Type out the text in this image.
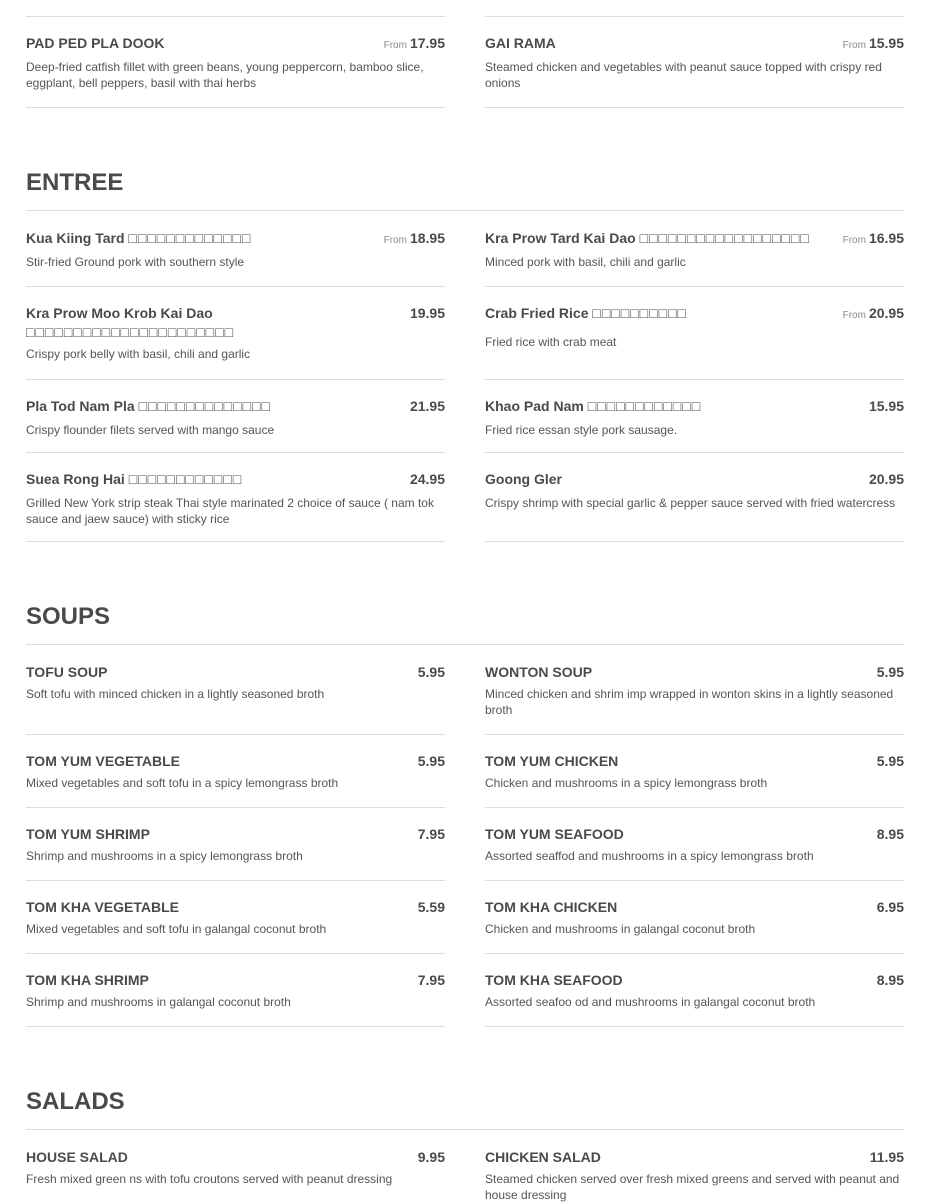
PAD PED PLA DOOK	From 17.95
Deep-fried catfish fillet with green beans, young peppercorn, bamboo slice, eggplant, bell peppers, basil with thai herbs
GAI RAMA	From 15.95
Steamed chicken and vegetables with peanut sauce topped with crispy red onions
ENTREE
Kua Kiing Tard □□□□□□□□□□□□□	From 18.95
Stir-fried Ground pork with southern style
Kra Prow Tard Kai Dao □□□□□□□□□□□□□□□□□□	From 16.95
Minced pork with basil, chili and garlic
Kra Prow Moo Krob Kai Dao □□□□□□□□□□□□□□□□□□□□□□
19.95
Crispy pork belly with basil, chili and garlic
Crab Fried Rice □□□□□□□□□□	From 20.95
Fried rice with crab meat
Pla Tod Nam Pla □□□□□□□□□□□□□□	21.95
Crispy flounder filets served with mango sauce
Khao Pad Nam □□□□□□□□□□□□	15.95
Fried rice essan style pork sausage.
Suea Rong Hai □□□□□□□□□□□□	24.95
Grilled New York strip steak Thai style marinated 2 choice of sauce ( nam tok sauce and jaew sauce) with sticky rice
Goong Gler	20.95
Crispy shrimp with special garlic & pepper sauce served with fried watercress
SOUPS
TOFU SOUP	5.95
Soft tofu with minced chicken in a lightly seasoned broth
WONTON SOUP	5.95
Minced chicken and shrim imp wrapped in wonton skins in a lightly seasoned broth
TOM YUM VEGETABLE	5.95
Mixed vegetables and soft tofu in a spicy lemongrass broth
TOM YUM CHICKEN	5.95
Chicken and mushrooms in a spicy lemongrass broth
TOM YUM SHRIMP	7.95
Shrimp and mushrooms in a spicy lemongrass broth
TOM YUM SEAFOOD	8.95
Assorted seaffod and mushrooms in a spicy lemongrass broth
TOM KHA VEGETABLE	5.59
Mixed vegetables and soft tofu in galangal coconut broth
TOM KHA CHICKEN	6.95
Chicken and mushrooms in galangal coconut broth
TOM KHA SHRIMP	7.95
Shrimp and mushrooms in galangal coconut broth
TOM KHA SEAFOOD	8.95
Assorted seafoo od and mushrooms in galangal coconut broth
SALADS
HOUSE SALAD	9.95
Fresh mixed green ns with tofu croutons served with peanut dressing
CHICKEN SALAD	11.95
Steamed chicken served over fresh mixed greens and served with peanut and house dressing
